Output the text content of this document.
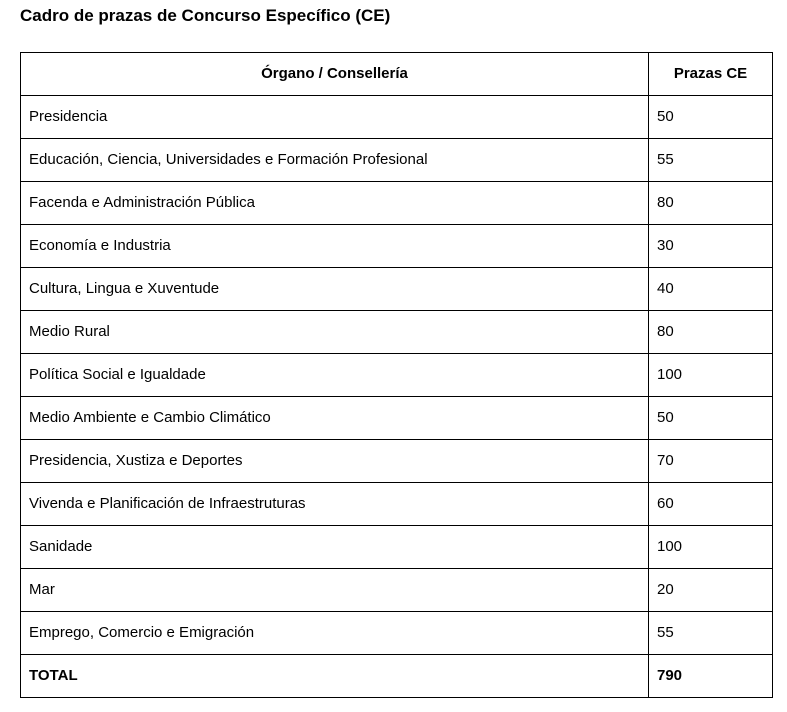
Cadro de prazas de Concurso Específico (CE)
Órgano / Consellería	Prazas CE
Presidencia	50
Educación, Ciencia, Universidades e Formación Profesional	55
Facenda e Administración Pública	80
Economía e Industria	30
Cultura, Lingua e Xuventude	40
Medio Rural	80
Política Social e Igualdade	100
Medio Ambiente e Cambio Climático	50
Presidencia, Xustiza e Deportes	70
Vivenda e Planificación de Infraestruturas	60
Sanidade	100
Mar	20
Emprego, Comercio e Emigración	55
TOTAL	790
